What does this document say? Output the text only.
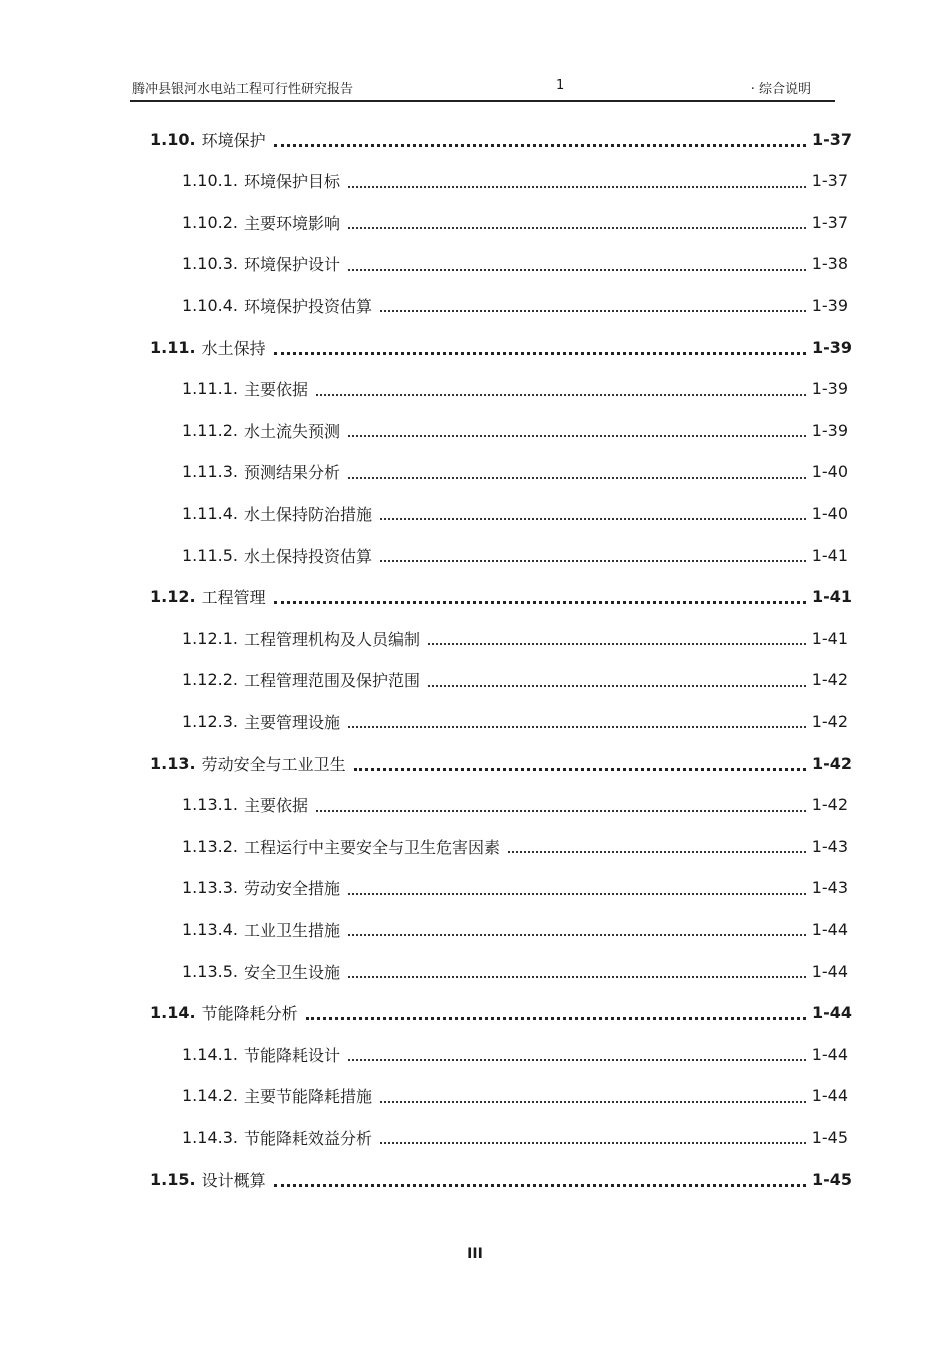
腾冲县银河水电站工程可行性研究报告	1	· 综合说明
1.10. 环境保护	1-37
1.10.1. 环境保护目标	1-37
1.10.2. 主要环境影响	1-37
1.10.3. 环境保护设计	1-38
1.10.4. 环境保护投资估算	1-39
1.11. 水土保持	1-39
1.11.1. 主要依据	1-39
1.11.2. 水土流失预测	1-39
1.11.3. 预测结果分析	1-40
1.11.4. 水土保持防治措施	1-40
1.11.5. 水土保持投资估算	1-41
1.12. 工程管理	1-41
1.12.1. 工程管理机构及人员编制	1-41
1.12.2. 工程管理范围及保护范围	1-42
1.12.3. 主要管理设施	1-42
1.13. 劳动安全与工业卫生	1-42
1.13.1. 主要依据	1-42
1.13.2. 工程运行中主要安全与卫生危害因素	1-43
1.13.3. 劳动安全措施	1-43
1.13.4. 工业卫生措施	1-44
1.13.5. 安全卫生设施	1-44
1.14. 节能降耗分析	1-44
1.14.1. 节能降耗设计	1-44
1.14.2. 主要节能降耗措施	1-44
1.14.3. 节能降耗效益分析	1-45
1.15. 设计概算	1-45
III
